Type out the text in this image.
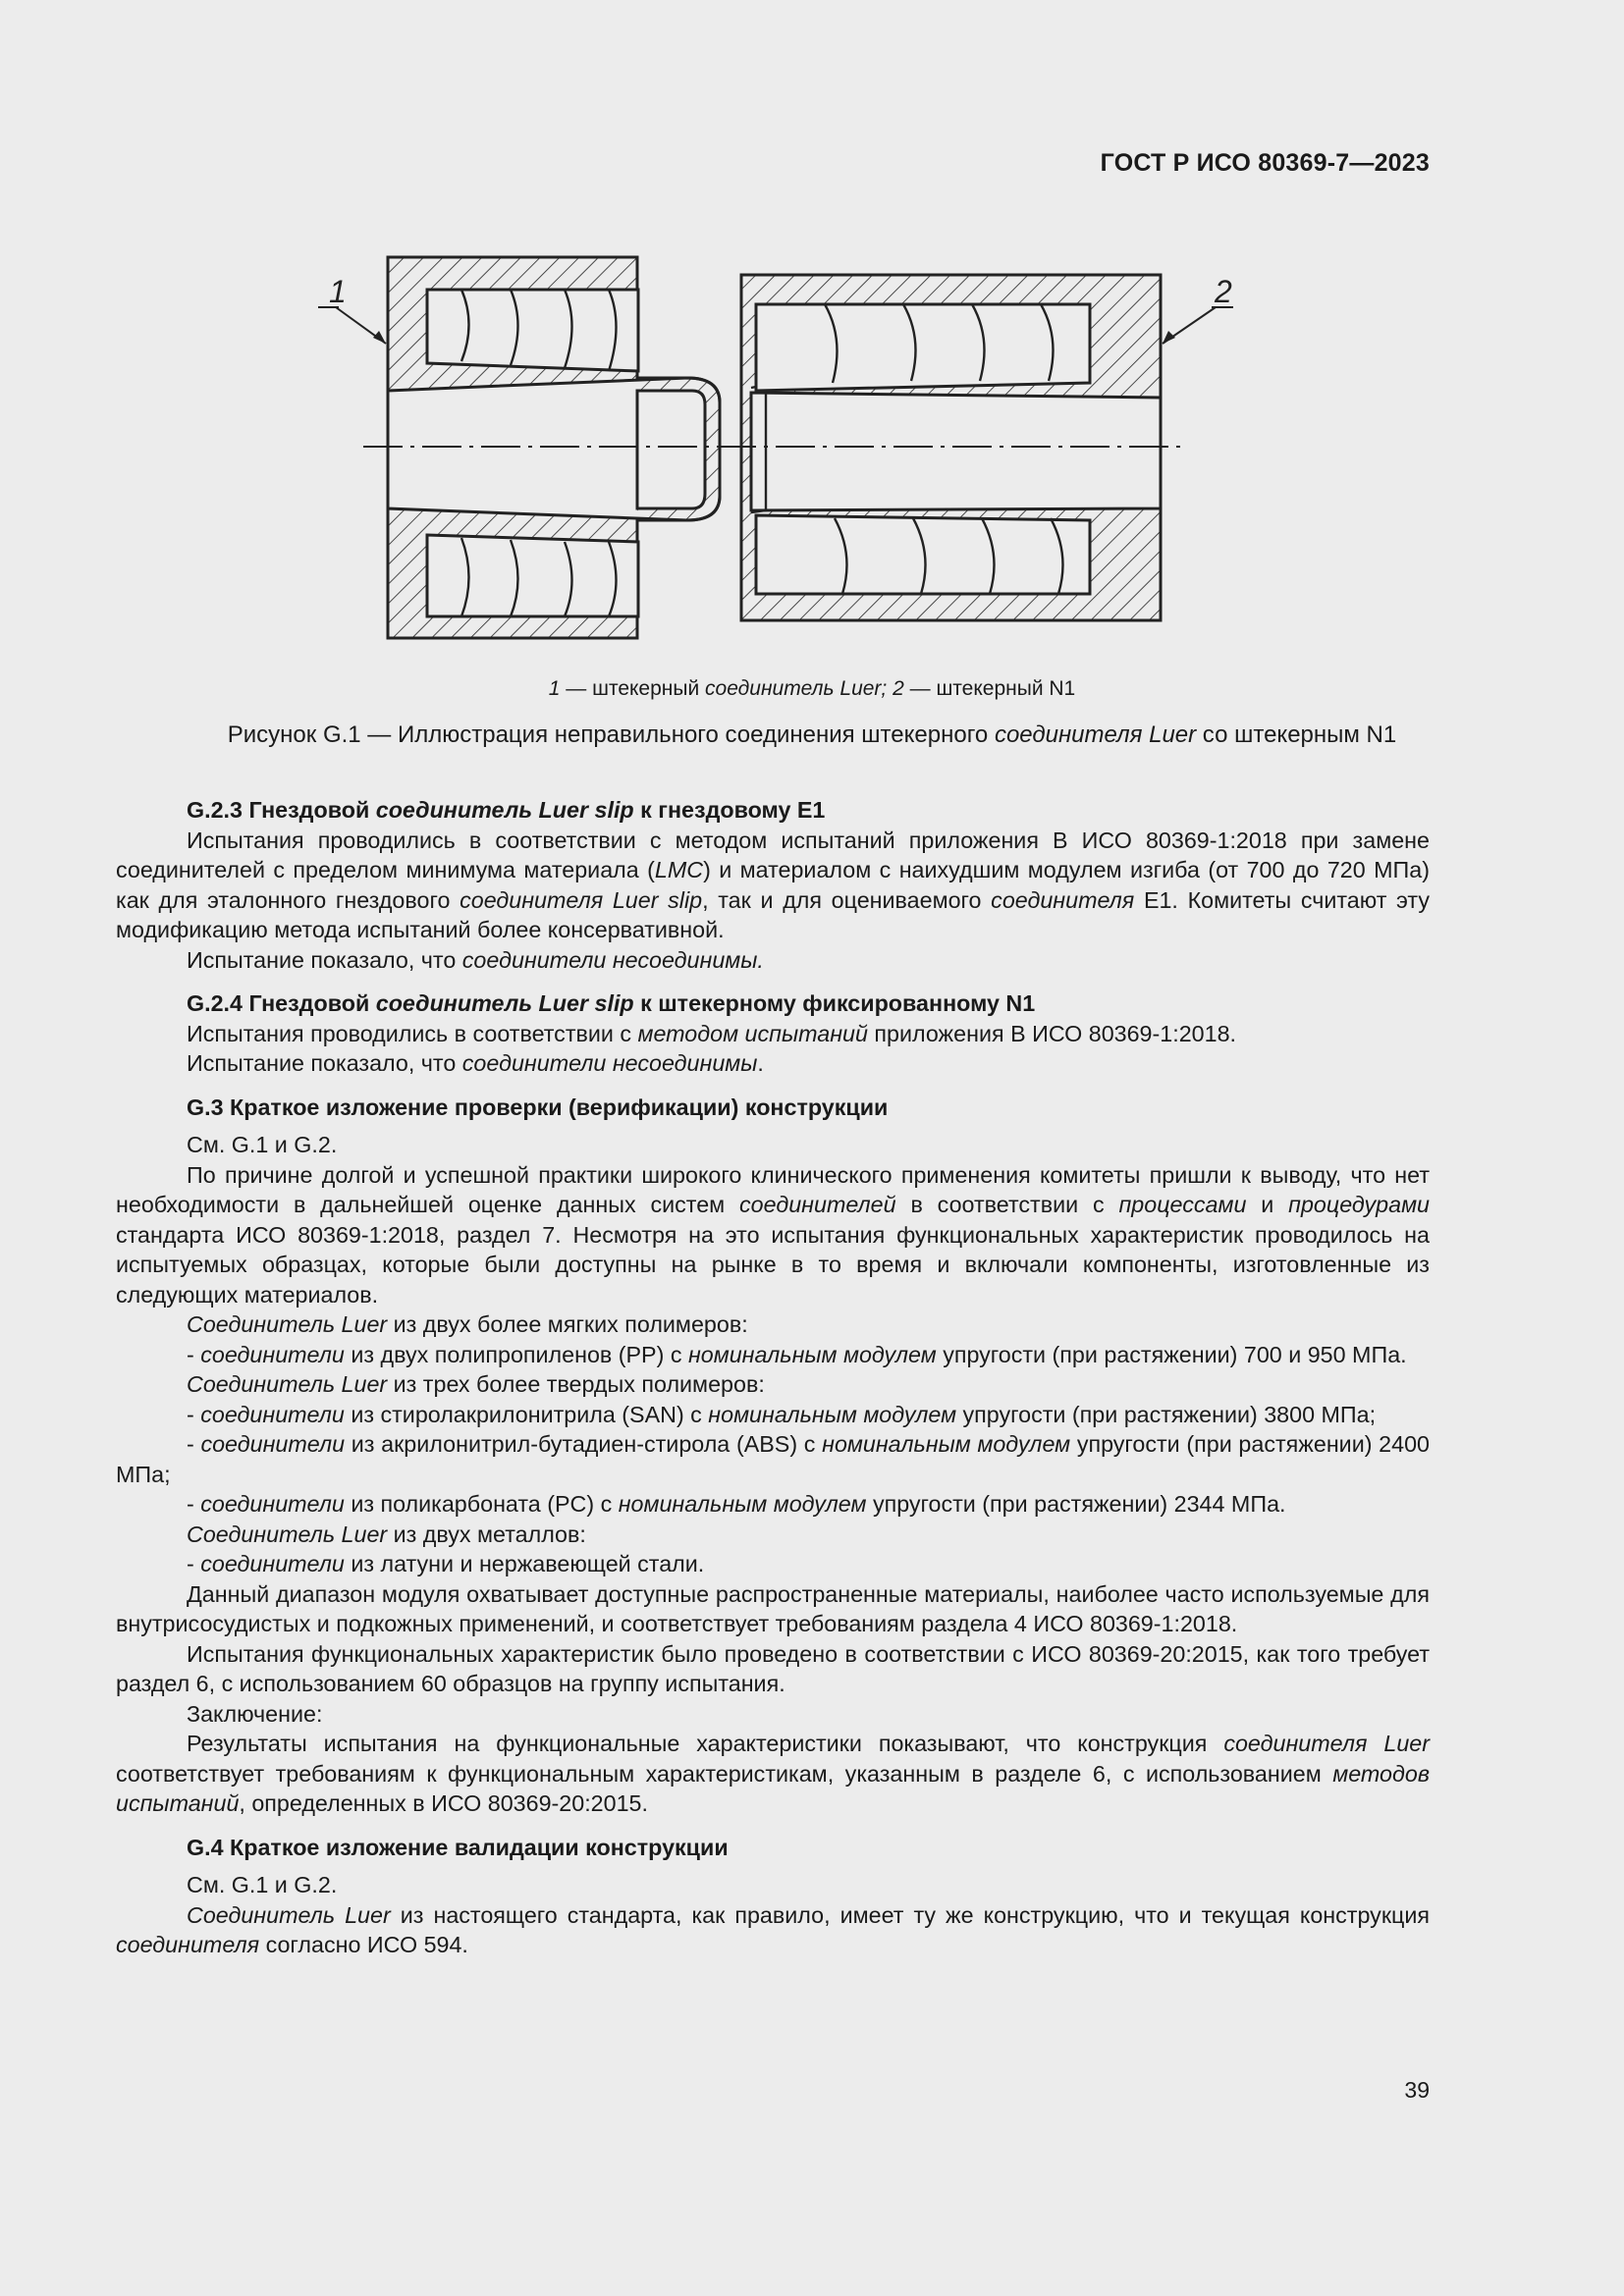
ГОСТ Р ИСО 80369-7—2023
1	2
1 — штекерный соединитель Luer; 2 — штекерный N1
Рисунок G.1 — Иллюстрация неправильного соединения штекерного соединителя Luer со штекерным N1

G.2.3 Гнездовой соединитель Luer slip к гнездовому E1

Испытания проводились в соответствии с методом испытаний приложения В ИСО 80369-1:2018 при замене соединителей с пределом минимума материала (LMC) и материалом с наихудшим модулем изгиба (от 700 до 720 МПа) как для эталонного гнездового соединителя Luer slip, так и для оцениваемого соединителя E1. Комитеты считают эту модификацию метода испытаний более консервативной.

Испытание показало, что соединители несоединимы.

G.2.4 Гнездовой соединитель Luer slip к штекерному фиксированному N1

Испытания проводились в соответствии с методом испытаний приложения В ИСО 80369-1:2018.

Испытание показало, что соединители несоединимы.

G.3 Краткое изложение проверки (верификации) конструкции

См. G.1 и G.2.

По причине долгой и успешной практики широкого клинического применения комитеты пришли к выводу, что нет необходимости в дальнейшей оценке данных систем соединителей в соответствии с процессами и процедурами стандарта ИСО 80369-1:2018, раздел 7. Несмотря на это испытания функциональных характеристик проводилось на испытуемых образцах, которые были доступны на рынке в то время и включали компоненты, изготовленные из следующих материалов.

Соединитель Luer из двух более мягких полимеров:

- соединители из двух полипропиленов (PP) с номинальным модулем упругости (при растяжении) 700 и 950 МПа.

Соединитель Luer из трех более твердых полимеров:

- соединители из стиролакрилонитрила (SAN) с номинальным модулем упругости (при растяжении) 3800 МПа;

- соединители из акрилонитрил-бутадиен-стирола (ABS) с номинальным модулем упругости (при растяжении) 2400 МПа;

- соединители из поликарбоната (PC) с номинальным модулем упругости (при растяжении) 2344 МПа.

Соединитель Luer из двух металлов:

- соединители из латуни и нержавеющей стали.

Данный диапазон модуля охватывает доступные распространенные материалы, наиболее часто используемые для внутрисосудистых и подкожных применений, и соответствует требованиям раздела 4 ИСО 80369-1:2018.

Испытания функциональных характеристик было проведено в соответствии с ИСО 80369-20:2015, как того требует раздел 6, с использованием 60 образцов на группу испытания.

Заключение:

Результаты испытания на функциональные характеристики показывают, что конструкция соединителя Luer соответствует требованиям к функциональным характеристикам, указанным в разделе 6, с использованием методов испытаний, определенных в ИСО 80369-20:2015.

G.4 Краткое изложение валидации конструкции

См. G.1 и G.2.

Соединитель Luer из настоящего стандарта, как правило, имеет ту же конструкцию, что и текущая конструкция соединителя согласно ИСО 594.

39
